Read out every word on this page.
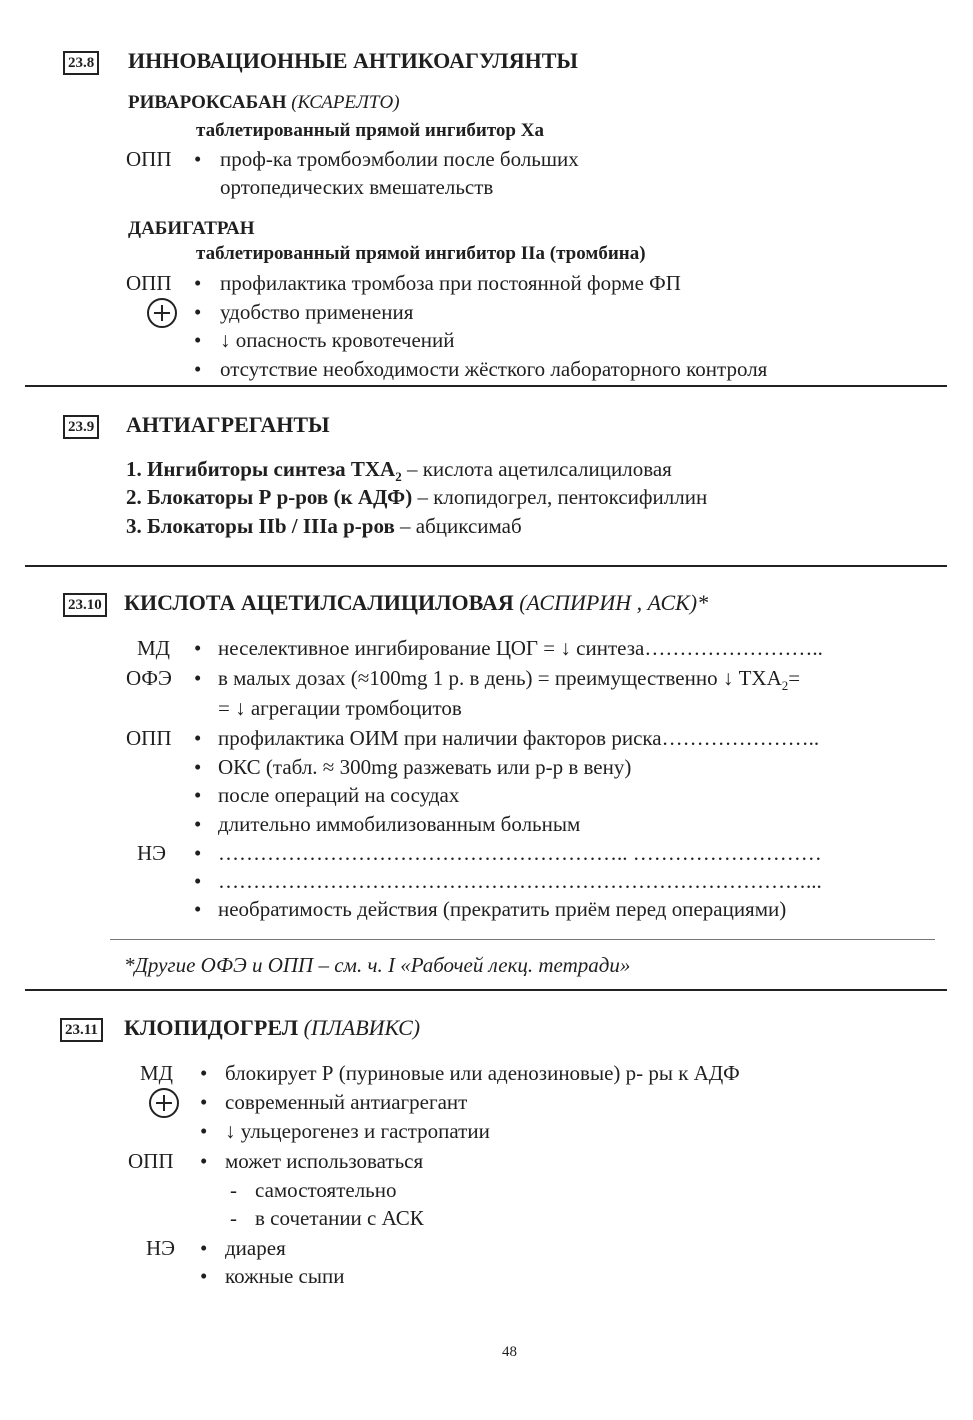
23.8 ИННОВАЦИОННЫЕ АНТИКОАГУЛЯНТЫ
РИВАРОКСАБАН (КСАРЕЛТО)
таблетированный прямой ингибитор Xa
ОПП • проф-ка тромбоэмболии после больших
ортопедических вмешательств
ДАБИГАТРАН
таблетированный прямой ингибитор IIa (тромбина)
ОПП • профилактика тромбоза при постоянной форме ФП
• удобство применения
• ↓ опасность кровотечений
• отсутствие необходимости жёсткого лабораторного контроля
23.9 АНТИАГРЕГАНТЫ
1. Ингибиторы синтеза $ТХА_2$ – кислота ацетилсалициловая
2. Блокаторы Р р-ров (к АДФ) – клопидогрел, пентоксифиллин
3. Блокаторы IIb / IIIa р-ров – абциксимаб
23.10 КИСЛОТА АЦЕТИЛСАЛИЦИЛОВАЯ (АСПИРИН , АСК)*
МД • неселективное ингибирование ЦОГ = ↓ синтеза……………………..
ОФЭ • в малых дозах (≈100mg 1 р. в день) = преимущественно ↓ $ТХА_2=$
= ↓ агрегации тромбоцитов
ОПП • профилактика ОИМ при наличии факторов риска…………………..
• ОКС (табл. ≈ 300mg разжевать или р-р в вену)
• после операций на сосудах
• длительно иммобилизованным больным
НЭ • ………………………………………………….. ………………………
• …………………………………………………………………………...
• необратимость действия (прекратить приём перед операциями)
*Другие ОФЭ и ОПП – см. ч. I «Рабочей лекц. тетради»
23.11 КЛОПИДОГРЕЛ (ПЛАВИКС)
МД • блокирует Р (пуриновые или аденозиновые) р- ры к АДФ
• современный антиагрегант
• ↓ ульцерогенез и гастропатии
ОПП • может использоваться
- самостоятельно
- в сочетании с АСК
НЭ • диарея
• кожные сыпи
48
